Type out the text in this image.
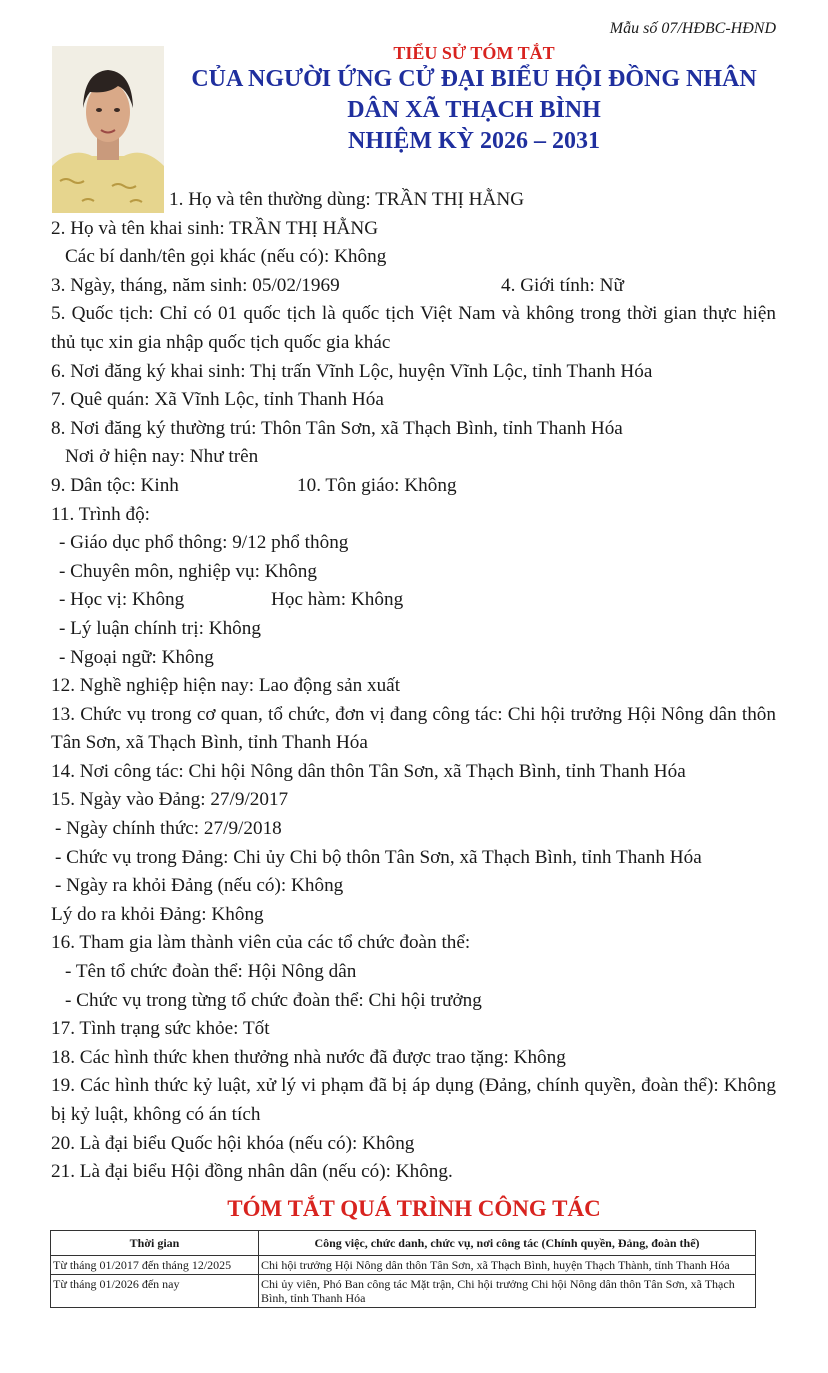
Mẫu số 07/HĐBC-HĐND
TIỂU SỬ TÓM TẮT
CỦA NGƯỜI ỨNG CỬ ĐẠI BIỂU HỘI ĐỒNG NHÂN
DÂN XÃ THẠCH BÌNH
NHIỆM KỲ 2026 – 2031
1. Họ và tên thường dùng: TRẦN THỊ HẰNG
2. Họ và tên khai sinh: TRẦN THỊ HẰNG
Các bí danh/tên gọi khác (nếu có): Không
3. Ngày, tháng, năm sinh: 05/02/1969	4. Giới tính: Nữ
5. Quốc tịch: Chỉ có 01 quốc tịch là quốc tịch Việt Nam và không trong thời gian thực hiện thủ tục xin gia nhập quốc tịch quốc gia khác
6. Nơi đăng ký khai sinh: Thị trấn Vĩnh Lộc, huyện Vĩnh Lộc, tỉnh Thanh Hóa
7. Quê quán: Xã Vĩnh Lộc, tỉnh Thanh Hóa
8. Nơi đăng ký thường trú: Thôn Tân Sơn, xã Thạch Bình, tỉnh Thanh Hóa
Nơi ở hiện nay: Như trên
9. Dân tộc: Kinh	10. Tôn giáo: Không
11. Trình độ:
- Giáo dục phổ thông: 9/12 phổ thông
- Chuyên môn, nghiệp vụ: Không
- Học vị: Không	Học hàm: Không
- Lý luận chính trị: Không
- Ngoại ngữ: Không
12. Nghề nghiệp hiện nay: Lao động sản xuất
13. Chức vụ trong cơ quan, tổ chức, đơn vị đang công tác: Chi hội trưởng Hội Nông dân thôn Tân Sơn, xã Thạch Bình, tỉnh Thanh Hóa
14. Nơi công tác: Chi hội Nông dân thôn Tân Sơn, xã Thạch Bình, tỉnh Thanh Hóa
15. Ngày vào Đảng: 27/9/2017
- Ngày chính thức: 27/9/2018
- Chức vụ trong Đảng: Chi ủy Chi bộ thôn Tân Sơn, xã Thạch Bình, tỉnh Thanh Hóa
- Ngày ra khỏi Đảng (nếu có): Không
Lý do ra khỏi Đảng: Không
16. Tham gia làm thành viên của các tổ chức đoàn thể:
- Tên tổ chức đoàn thể: Hội Nông dân
- Chức vụ trong từng tổ chức đoàn thể: Chi hội trưởng
17. Tình trạng sức khỏe: Tốt
18. Các hình thức khen thưởng nhà nước đã được trao tặng: Không
19. Các hình thức kỷ luật, xử lý vi phạm đã bị áp dụng (Đảng, chính quyền, đoàn thể): Không bị kỷ luật, không có án tích
20. Là đại biểu Quốc hội khóa (nếu có): Không
21. Là đại biểu Hội đồng nhân dân (nếu có): Không.
TÓM TẮT QUÁ TRÌNH CÔNG TÁC
Thời gian	Công việc, chức danh, chức vụ, nơi công tác (Chính quyền, Đảng, đoàn thể)
Từ tháng 01/2017 đến tháng 12/2025	Chi hội trưởng Hội Nông dân thôn Tân Sơn, xã Thạch Bình, huyện Thạch Thành, tỉnh Thanh Hóa
Từ tháng 01/2026 đến nay	Chi ủy viên, Phó Ban công tác Mặt trận, Chi hội trưởng Chi hội Nông dân thôn Tân Sơn, xã Thạch Bình, tỉnh Thanh Hóa
